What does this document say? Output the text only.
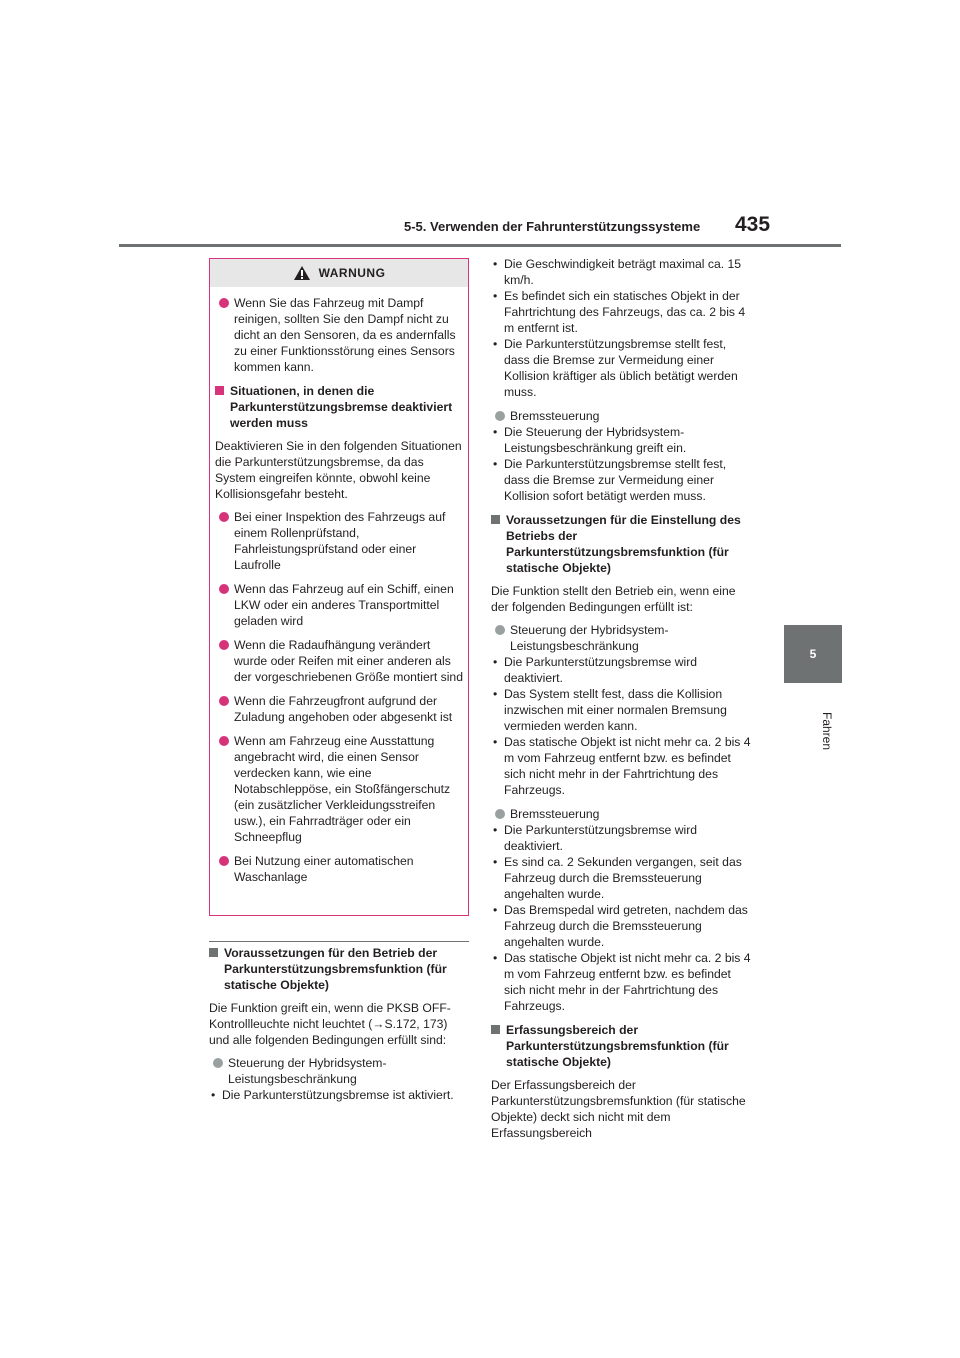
5-5. Verwenden der Fahrunterstützungssysteme 435
5
Fahren
WARNUNG
Wenn Sie das Fahrzeug mit Dampf reinigen, sollten Sie den Dampf nicht zu dicht an den Sensoren, da es andernfalls zu einer Funktionsstörung eines Sensors kommen kann.
Situationen, in denen die Parkunterstützungsbremse deaktiviert werden muss
Deaktivieren Sie in den folgenden Situationen die Parkunterstützungsbremse, da das System eingreifen könnte, obwohl keine Kollisionsgefahr besteht.
Bei einer Inspektion des Fahrzeugs auf einem Rollenprüfstand, Fahrleistungsprüfstand oder einer Laufrolle
Wenn das Fahrzeug auf ein Schiff, einen LKW oder ein anderes Transportmittel geladen wird
Wenn die Radaufhängung verändert wurde oder Reifen mit einer anderen als der vorgeschriebenen Größe montiert sind
Wenn die Fahrzeugfront aufgrund der Zuladung angehoben oder abgesenkt ist
Wenn am Fahrzeug eine Ausstattung angebracht wird, die einen Sensor verdecken kann, wie eine Notabschleppöse, ein Stoßfängerschutz (ein zusätzlicher Verkleidungsstreifen usw.), ein Fahrradträger oder ein Schneepflug
Bei Nutzung einer automatischen Waschanlage
Voraussetzungen für den Betrieb der Parkunterstützungsbremsfunktion (für statische Objekte)
Die Funktion greift ein, wenn die PKSB OFF-Kontrollleuchte nicht leuchtet (→S.172, 173) und alle folgenden Bedingungen erfüllt sind:
Steuerung der Hybridsystem-Leistungsbeschränkung
• Die Parkunterstützungsbremse ist aktiviert.
• Die Geschwindigkeit beträgt maximal ca. 15 km/h.
• Es befindet sich ein statisches Objekt in der Fahrtrichtung des Fahrzeugs, das ca. 2 bis 4 m entfernt ist.
• Die Parkunterstützungsbremse stellt fest, dass die Bremse zur Vermeidung einer Kollision kräftiger als üblich betätigt werden muss.
Bremssteuerung
• Die Steuerung der Hybridsystem-Leistungsbeschränkung greift ein.
• Die Parkunterstützungsbremse stellt fest, dass die Bremse zur Vermeidung einer Kollision sofort betätigt werden muss.
Voraussetzungen für die Einstellung des Betriebs der Parkunterstützungsbremsfunktion (für statische Objekte)
Die Funktion stellt den Betrieb ein, wenn eine der folgenden Bedingungen erfüllt ist:
Steuerung der Hybridsystem-Leistungsbeschränkung
• Die Parkunterstützungsbremse wird deaktiviert.
• Das System stellt fest, dass die Kollision inzwischen mit einer normalen Bremsung vermieden werden kann.
• Das statische Objekt ist nicht mehr ca. 2 bis 4 m vom Fahrzeug entfernt bzw. es befindet sich nicht mehr in der Fahrtrichtung des Fahrzeugs.
Bremssteuerung
• Die Parkunterstützungsbremse wird deaktiviert.
• Es sind ca. 2 Sekunden vergangen, seit das Fahrzeug durch die Bremssteuerung angehalten wurde.
• Das Bremspedal wird getreten, nachdem das Fahrzeug durch die Bremssteuerung angehalten wurde.
• Das statische Objekt ist nicht mehr ca. 2 bis 4 m vom Fahrzeug entfernt bzw. es befindet sich nicht mehr in der Fahrtrichtung des Fahrzeugs.
Erfassungsbereich der Parkunterstützungsbremsfunktion (für statische Objekte)
Der Erfassungsbereich der Parkunterstützungsbremsfunktion (für statische Objekte) deckt sich nicht mit dem Erfassungsbereich
